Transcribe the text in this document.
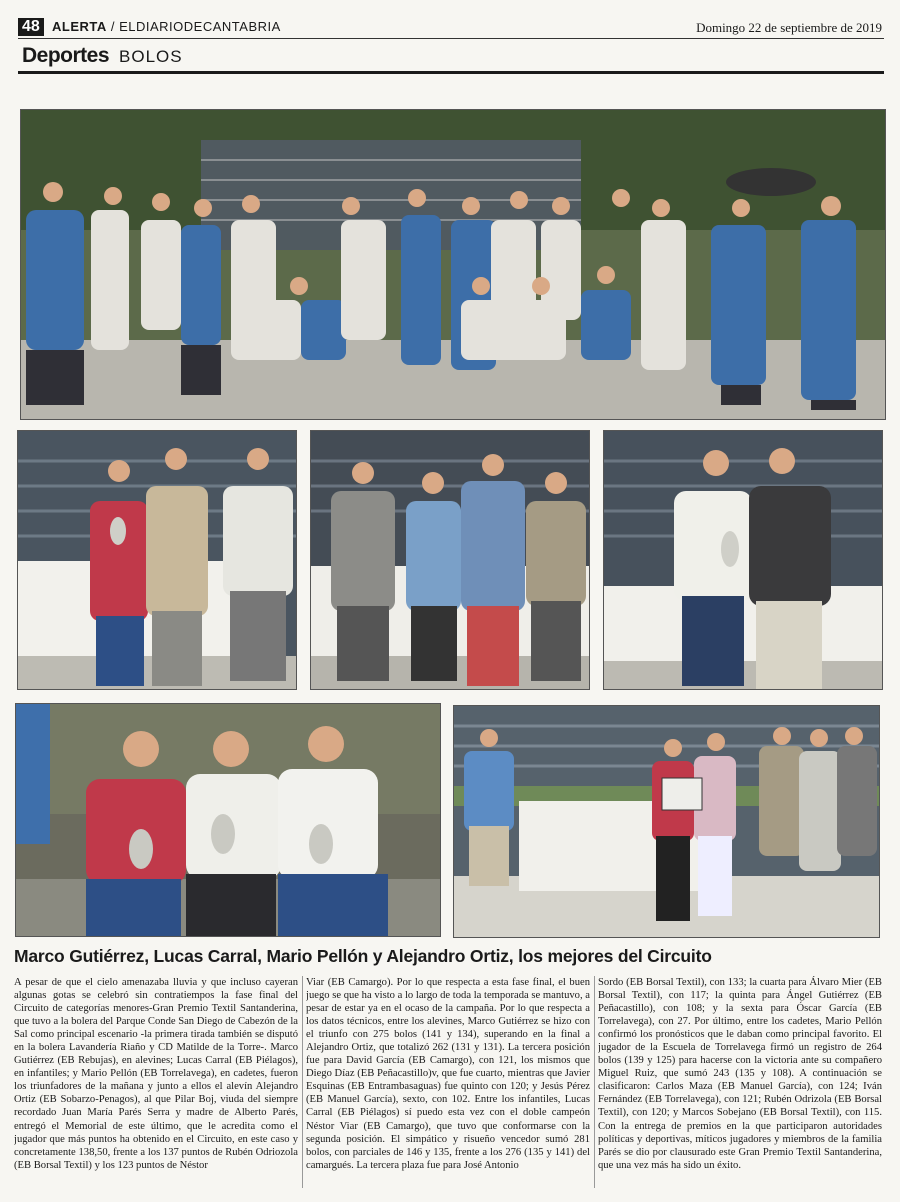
48 ALERTA / ELDIARIODECANTABRIA	Domingo 22 de septiembre de 2019
Deportes BOLOS
Marco Gutiérrez, Lucas Carral, Mario Pellón y Alejandro Ortiz, los mejores del Circuito
A pesar de que el cielo amenazaba lluvia y que incluso cayeran algunas gotas se celebró sin contratiempos la fase final del Circuito de categorías menores-Gran Premio Textil Santanderina, que tuvo a la bolera del Parque Conde San Diego de Cabezón de la Sal como principal escenario -la primera tirada también se disputó en la bolera Lavandería Riaño y CD Matilde de la Torre-. Marco Gutiérrez (EB Rebujas), en alevines; Lucas Carral (EB Piélagos), en infantiles; y Mario Pellón (EB Torrelavega), en cadetes, fueron los triunfadores de la mañana y junto a ellos el alevín Alejandro Ortiz (EB Sobarzo-Penagos), al que Pilar Boj, viuda del siempre recordado Juan María Parés Serra y madre de Alberto Parés, entregó el Memorial de este último, que le acredita como el jugador que más puntos ha obtenido en el Circuito, en este caso y concretamente 138,50, frente a los 137 puntos de Rubén Odriozola (EB Borsal Textil) y los 123 puntos de Néstor
Viar (EB Camargo). Por lo que respecta a esta fase final, el buen juego se que ha visto a lo largo de toda la temporada se mantuvo, a pesar de estar ya en el ocaso de la campaña. Por lo que respecta a los datos técnicos, entre los alevines, Marco Gutiérrez se hizo con el triunfo con 275 bolos (141 y 134), superando en la final a Alejandro Ortiz, que totalizó 262 (131 y 131). La tercera posición fue para David García (EB Camargo), con 121, los mismos que Diego Díaz (EB Peñacastillo)v, que fue cuarto, mientras que Javier Esquinas (EB Entrambasaguas) fue quinto con 120; y Jesús Pérez (EB Manuel García), sexto, con 102. Entre los infantiles, Lucas Carral (EB Piélagos) sí puedo esta vez con el doble campeón Néstor Viar (EB Camargo), que tuvo que conformarse con la segunda posición. El simpático y risueño vencedor sumó 281 bolos, con parciales de 146 y 135, frente a los 276 (135 y 141) del camargués. La tercera plaza fue para José Antonio
Sordo (EB Borsal Textil), con 133; la cuarta para Álvaro Mier (EB Borsal Textil), con 117; la quinta para Ángel Gutiérrez (EB Peñacastillo), con 108; y la sexta para Óscar García (EB Torrelavega), con 27. Por último, entre los cadetes, Mario Pellón confirmó los pronósticos que le daban como principal favorito. El jugador de la Escuela de Torrelavega firmó un registro de 264 bolos (139 y 125) para hacerse con la victoria ante su compañero Miguel Ruiz, que sumó 243 (135 y 108). A continuación se clasificaron: Carlos Maza (EB Manuel García), con 124; Iván Fernández (EB Torrelavega), con 121; Rubén Odrizola (EB Borsal Textil), con 120; y Marcos Sobejano (EB Borsal Textil), con 115. Con la entrega de premios en la que participaron autoridades políticas y deportivas, míticos jugadores y miembros de la familia Parés se dio por clausurado este Gran Premio Textil Santanderina, que una vez más ha sido un éxito.
